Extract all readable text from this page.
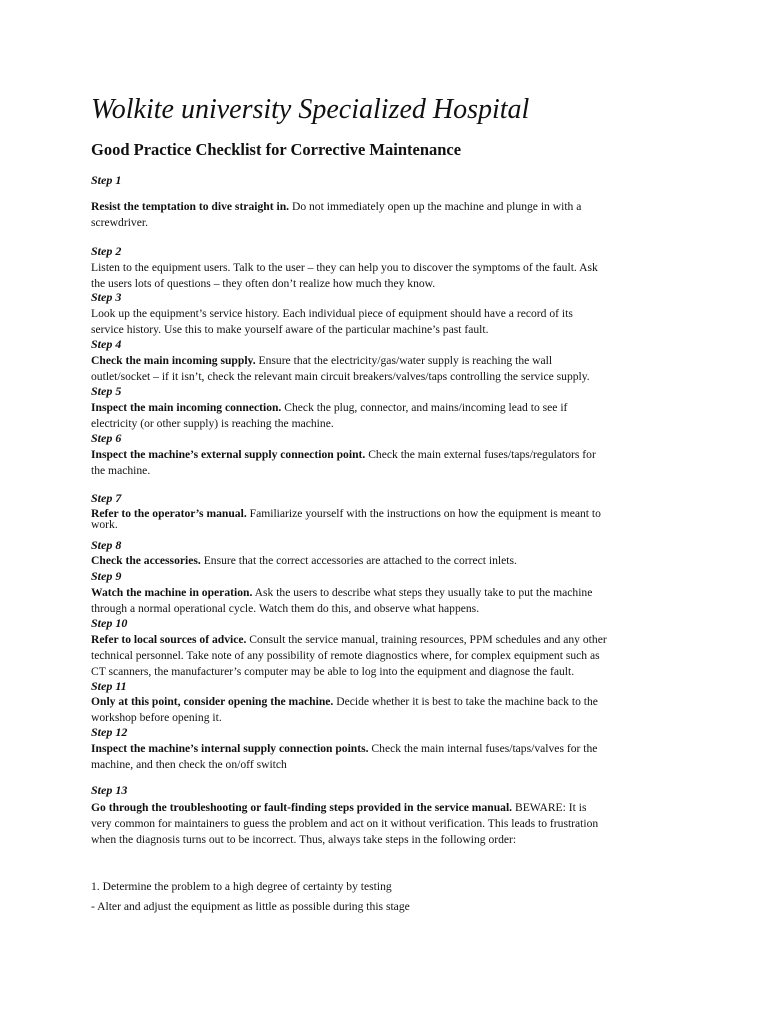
Wolkite university Specialized Hospital
Good Practice Checklist for Corrective Maintenance
Step 1
Resist the temptation to dive straight in. Do not immediately open up the machine and plunge in with a
screwdriver.
Step 2
Listen to the equipment users. Talk to the user – they can help you to discover the symptoms of the fault. Ask
the users lots of questions – they often don’t realize how much they know.
Step 3
Look up the equipment’s service history. Each individual piece of equipment should have a record of its
service history. Use this to make yourself aware of the particular machine’s past fault.
Step 4
Check the main incoming supply. Ensure that the electricity/gas/water supply is reaching the wall
outlet/socket – if it isn’t, check the relevant main circuit breakers/valves/taps controlling the service supply.
Step 5
Inspect the main incoming connection. Check the plug, connector, and mains/incoming lead to see if
electricity (or other supply) is reaching the machine.
Step 6
Inspect the machine’s external supply connection point. Check the main external fuses/taps/regulators for
the machine.
Step 7
Refer to the operator’s manual. Familiarize yourself with the instructions on how the equipment is meant to
work.
Step 8
Check the accessories. Ensure that the correct accessories are attached to the correct inlets.
Step 9
Watch the machine in operation. Ask the users to describe what steps they usually take to put the machine
through a normal operational cycle. Watch them do this, and observe what happens.
Step 10
Refer to local sources of advice. Consult the service manual, training resources, PPM schedules and any other
technical personnel. Take note of any possibility of remote diagnostics where, for complex equipment such as
CT scanners, the manufacturer’s computer may be able to log into the equipment and diagnose the fault.
Step 11
Only at this point, consider opening the machine. Decide whether it is best to take the machine back to the
workshop before opening it.
Step 12
Inspect the machine’s internal supply connection points. Check the main internal fuses/taps/valves for the
machine, and then check the on/off switch
Step 13
Go through the troubleshooting or fault-finding steps provided in the service manual. BEWARE: It is
very common for maintainers to guess the problem and act on it without verification. This leads to frustration
when the diagnosis turns out to be incorrect. Thus, always take steps in the following order:
1. Determine the problem to a high degree of certainty by testing
- Alter and adjust the equipment as little as possible during this stage
